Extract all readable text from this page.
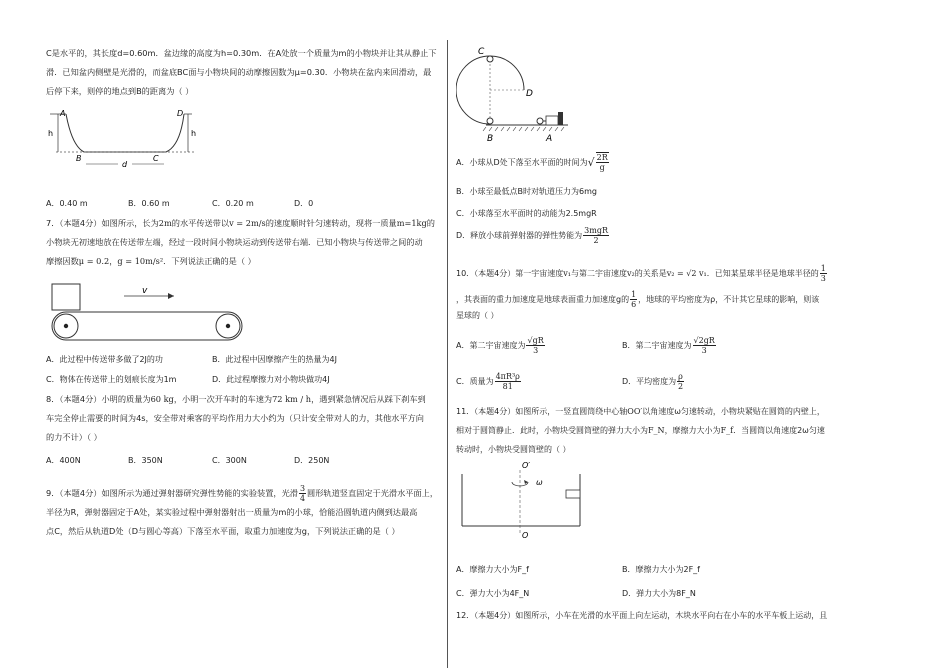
C是水平的，其长度d=0.60m．盆边缘的高度为h=0.30m．在A处放一个质量为m的小物块并让其从静止下

滑．已知盆内侧壁是光滑的，而盆底BC面与小物块间的动摩擦因数为μ=0.30．小物块在盆内来回滑动，最

后停下来，则停的地点到B的距离为（ ）

A	D
h	h
B	C
d
A．0.40 m	B．0.60 m	C．0.20 m	D．0

7．（本题4分）如图所示，长为2m的水平传送带以v = 2m/s的速度顺时针匀速转动，现将一质量m=1kg的

小物块无初速地放在传送带左端，经过一段时间小物块运动到传送带右端．已知小物块与传送带之间的动

摩擦因数μ = 0.2，g = 10m/s²．下列说法正确的是（ ）

v
A．此过程中传送带多做了2J的功	B．此过程中因摩擦产生的热量为4J
C．物体在传送带上的划痕长度为1m	D．此过程摩擦力对小物块做功4J

8．（本题4分）小明的质量为60 kg，小明一次开车时的车速为72 km / h，遇到紧急情况后从踩下刹车到

车完全停止需要的时间为4s，安全带对乘客的平均作用力大小约为（只计安全带对人的力，其他水平方向

的力不计）（ ）

A．400N	B．350N	C．300N	D．250N

9．（本题4分）如图所示为通过弹射器研究弹性势能的实验装置，光滑 $\frac{3}{4}$ 圆形轨道竖直固定于光滑水平面上，

半径为R，弹射器固定于A处，某实验过程中弹射器射出一质量为m的小球，恰能沿圆轨道内侧到达最高

点C，然后从轨道D处（D与圆心等高）下落至水平面，取重力加速度为g，下列说法正确的是（ ）

C
D
B	A
A．小球从D处下落至水平面的时间为 √ $\frac{2R}{g}$
B．小球至最低点B时对轨道压力为6mg
C．小球落至水平面时的动能为2.5mgR
D．释放小球前弹射器的弹性势能为 $\frac{\text{3mgR}}{2}$
10．（本题4分）第一宇宙速度 v₁ 与第二宇宙速度 v₂ 的关系是 v₂ = √2 v₁ ．已知某星球半径是地球半径的 $\frac{1}{3}$
，其表面的重力加速度是地球表面重力加速度g的 $\frac{1}{6}$ ，地球的平均密度为ρ，不计其它星球的影响，则该
星球的（ ）
A．第二宇宙速度为 $\frac{√gR}{3}$	B．第二宇宙速度为 $\frac{√2gR}{3}$
C．质量为 $\frac{\text{4πR³ρ}}{81}$	D．平均密度为 $\frac{\rho}{2}$
11．（本题4分）如图所示，一竖直圆筒绕中心轴OO′以角速度ω匀速转动，小物块紧贴在圆筒的内壁上，
相对于圆筒静止．此时，小物块受圆筒壁的弹力大小为F_N，摩擦力大小为F_f．当圆筒以角速度2ω匀速
转动时，小物块受圆筒壁的（ ）
O′
ω
O
A．摩擦力大小为F_f	B．摩擦力大小为2F_f
C．弹力大小为4F_N	D．弹力大小为8F_N
12．（本题4分）如图所示，小车在光滑的水平面上向左运动，木块水平向右在小车的水平车板上运动，且
